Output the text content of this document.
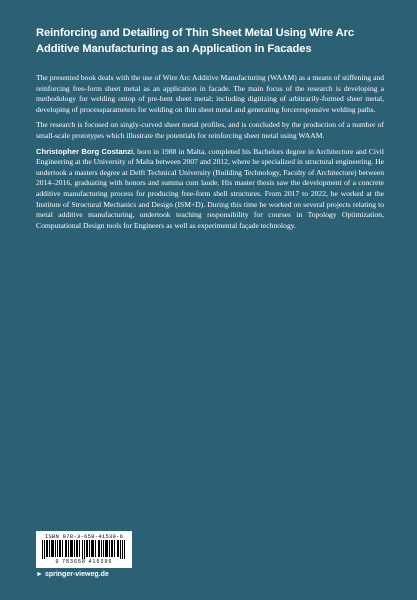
Reinforcing and Detailing of Thin Sheet Metal Using Wire Arc Additive Manufacturing as an Application in Facades

The presented book deals with the use of Wire Arc Additive Manufacturing (WAAM) as a means of stiffening and reinforcing free-form sheet metal as an application in facade. The main focus of the research is developing a methodology for welding ontop of pre-bent sheet metal; including digitizing of arbitrarily-formed sheet metal, developing of processparameters for welding on thin sheet metal and generating forceresponsive welding paths.

The research is focused on singly-curved sheet metal profiles, and is concluded by the production of a number of small-scale prototypes which illustrate the potentials for reinforcing sheet metal using WAAM.

Christopher Borg Costanzi, born in 1988 in Malta, completed his Bachelors degree in Architecture and Civil Engineering at the University of Malta between 2007 and 2012, where he specialized in structural engineering. He undertook a masters degree at Delft Technical University (Building Technology, Faculty of Architecture) between 2014–2016, graduating with honors and summa cum laude. His master thesis saw the development of a concrete additive manufacturing process for producing free-form shell structures. From 2017 to 2022, he worked at the Institute of Structural Mechanics and Design (ISM+D). During this time he worked on several projects relating to metal additive manufacturing, undertook teaching responsibility for courses in Topology Optimization, Computational Design tools for Engineers as well as experimental façade technology.

ISBN 978-3-658-41539-6
9 783658 415396
► springer-vieweg.de
